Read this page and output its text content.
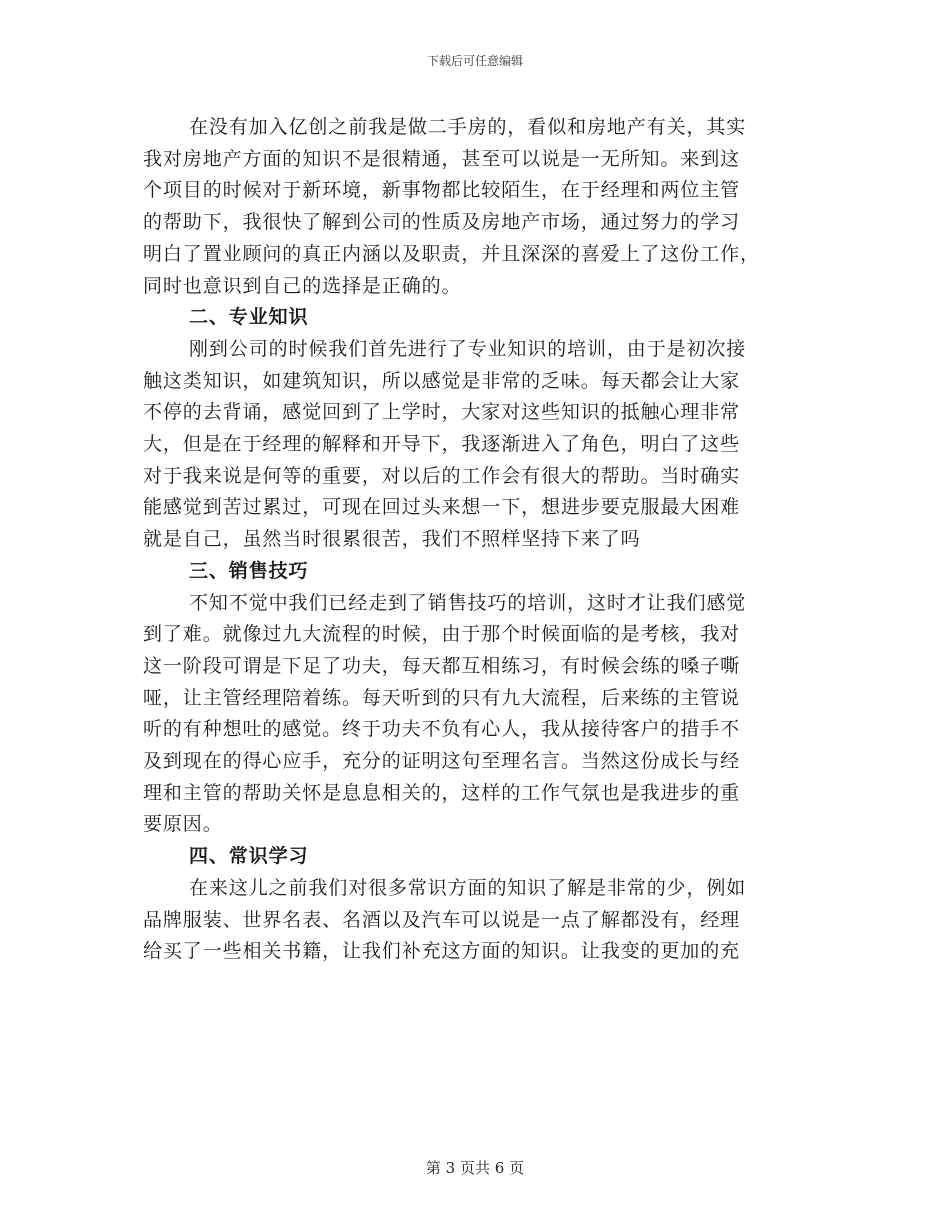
下载后可任意编辑
在没有加入亿创之前我是做二手房的，看似和房地产有关，其实
我对房地产方面的知识不是很精通，甚至可以说是一无所知。来到这
个项目的时候对于新环境，新事物都比较陌生，在于经理和两位主管
的帮助下，我很快了解到公司的性质及房地产市场，通过努力的学习
明白了置业顾问的真正内涵以及职责，并且深深的喜爱上了这份工作，
同时也意识到自己的选择是正确的。
二、专业知识
刚到公司的时候我们首先进行了专业知识的培训，由于是初次接
触这类知识，如建筑知识，所以感觉是非常的乏味。每天都会让大家
不停的去背诵，感觉回到了上学时，大家对这些知识的抵触心理非常
大，但是在于经理的解释和开导下，我逐渐进入了角色，明白了这些
对于我来说是何等的重要，对以后的工作会有很大的帮助。当时确实
能感觉到苦过累过，可现在回过头来想一下，想进步要克服最大困难
就是自己，虽然当时很累很苦，我们不照样坚持下来了吗
三、销售技巧
不知不觉中我们已经走到了销售技巧的培训，这时才让我们感觉
到了难。就像过九大流程的时候，由于那个时候面临的是考核，我对
这一阶段可谓是下足了功夫，每天都互相练习，有时候会练的嗓子嘶
哑，让主管经理陪着练。每天听到的只有九大流程，后来练的主管说
听的有种想吐的感觉。终于功夫不负有心人，我从接待客户的措手不
及到现在的得心应手，充分的证明这句至理名言。当然这份成长与经
理和主管的帮助关怀是息息相关的，这样的工作气氛也是我进步的重
要原因。
四、常识学习
在来这儿之前我们对很多常识方面的知识了解是非常的少，例如
品牌服装、世界名表、名酒以及汽车可以说是一点了解都没有，经理
给买了一些相关书籍，让我们补充这方面的知识。让我变的更加的充
第 3 页共 6 页
